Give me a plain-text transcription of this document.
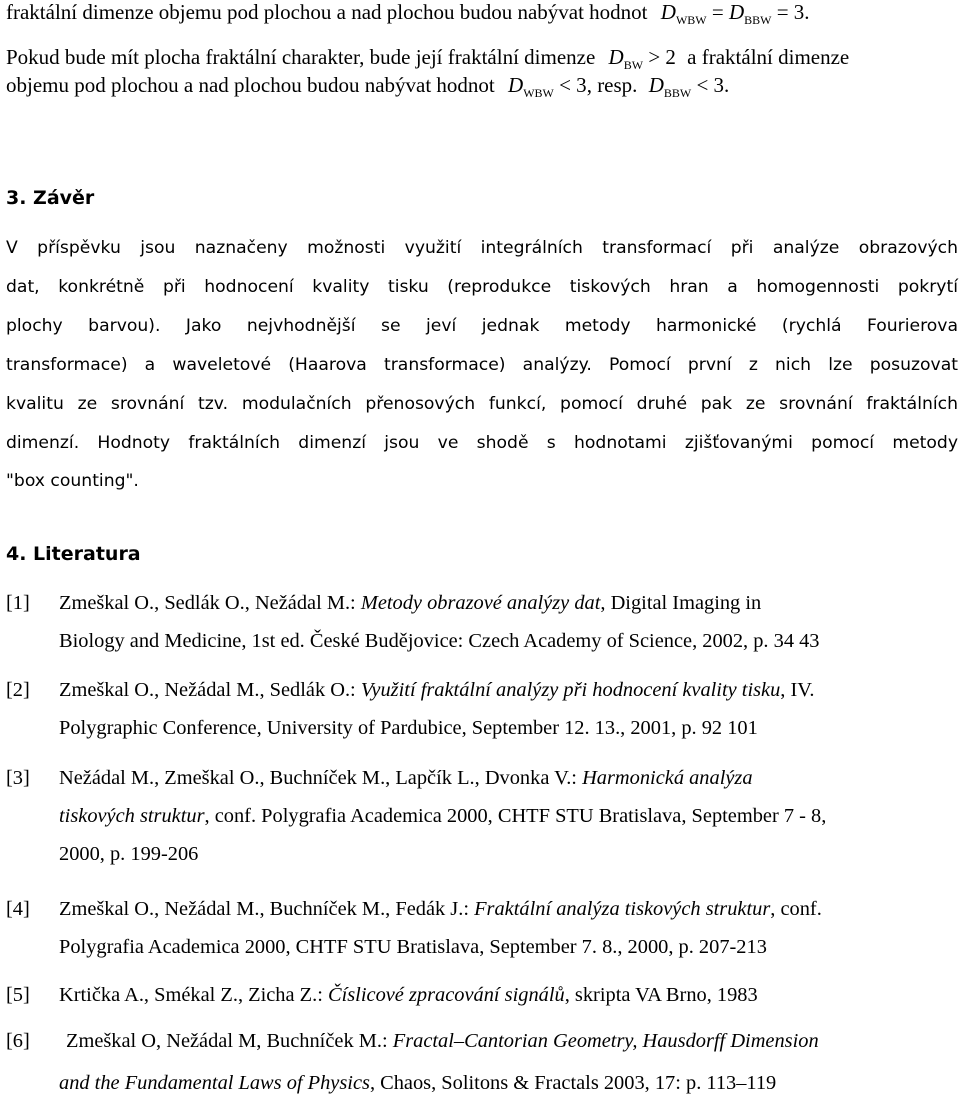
fraktální dimenze objemu pod plochou a nad plochou budou nabývat hodnot $D_{WBW} = D_{BBW} = 3$.
Pokud bude mít plocha fraktální charakter, bude její fraktální dimenze $D_{BW} > 2$ a fraktální dimenze
objemu pod plochou a nad plochou budou nabývat hodnot $D_{WBW} < 3$, resp. $D_{BBW} < 3$.
3. Závěr
V příspěvku jsou naznačeny možnosti využití integrálních transformací při analýze obrazových
dat, konkrétně při hodnocení kvality tisku (reprodukce tiskových hran a homogennosti pokrytí
plochy barvou). Jako nejvhodnější se jeví jednak metody harmonické (rychlá Fourierova
transformace) a waveletové (Haarova transformace) analýzy. Pomocí první z nich lze posuzovat
kvalitu ze srovnání tzv. modulačních přenosových funkcí, pomocí druhé pak ze srovnání fraktálních
dimenzí. Hodnoty fraktálních dimenzí jsou ve shodě s hodnotami zjišťovanými pomocí metody
"box counting".
4. Literatura
[1] Zmeškal O., Sedlák O., Nežádal M.: Metody obrazové analýzy dat, Digital Imaging in
Biology and Medicine, 1st ed. České Budějovice: Czech Academy of Science, 2002, p. 34 43
[2] Zmeškal O., Nežádal M., Sedlák O.: Využití fraktální analýzy při hodnocení kvality tisku, IV.
Polygraphic Conference, University of Pardubice, September 12. 13., 2001, p. 92 101
[3] Nežádal M., Zmeškal O., Buchníček M., Lapčík L., Dvonka V.: Harmonická analýza
tiskových struktur, conf. Polygrafia Academica 2000, CHTF STU Bratislava, September 7 - 8,
2000, p. 199-206
[4] Zmeškal O., Nežádal M., Buchníček M., Fedák J.: Fraktální analýza tiskových struktur, conf.
Polygrafia Academica 2000, CHTF STU Bratislava, September 7. 8., 2000, p. 207-213
[5] Krtička A., Smékal Z., Zicha Z.: Číslicové zpracování signálů, skripta VA Brno, 1983
[6] Zmeškal O, Nežádal M, Buchníček M.: Fractal–Cantorian Geometry, Hausdorff Dimension
and the Fundamental Laws of Physics, Chaos, Solitons & Fractals 2003, 17: p. 113–119
